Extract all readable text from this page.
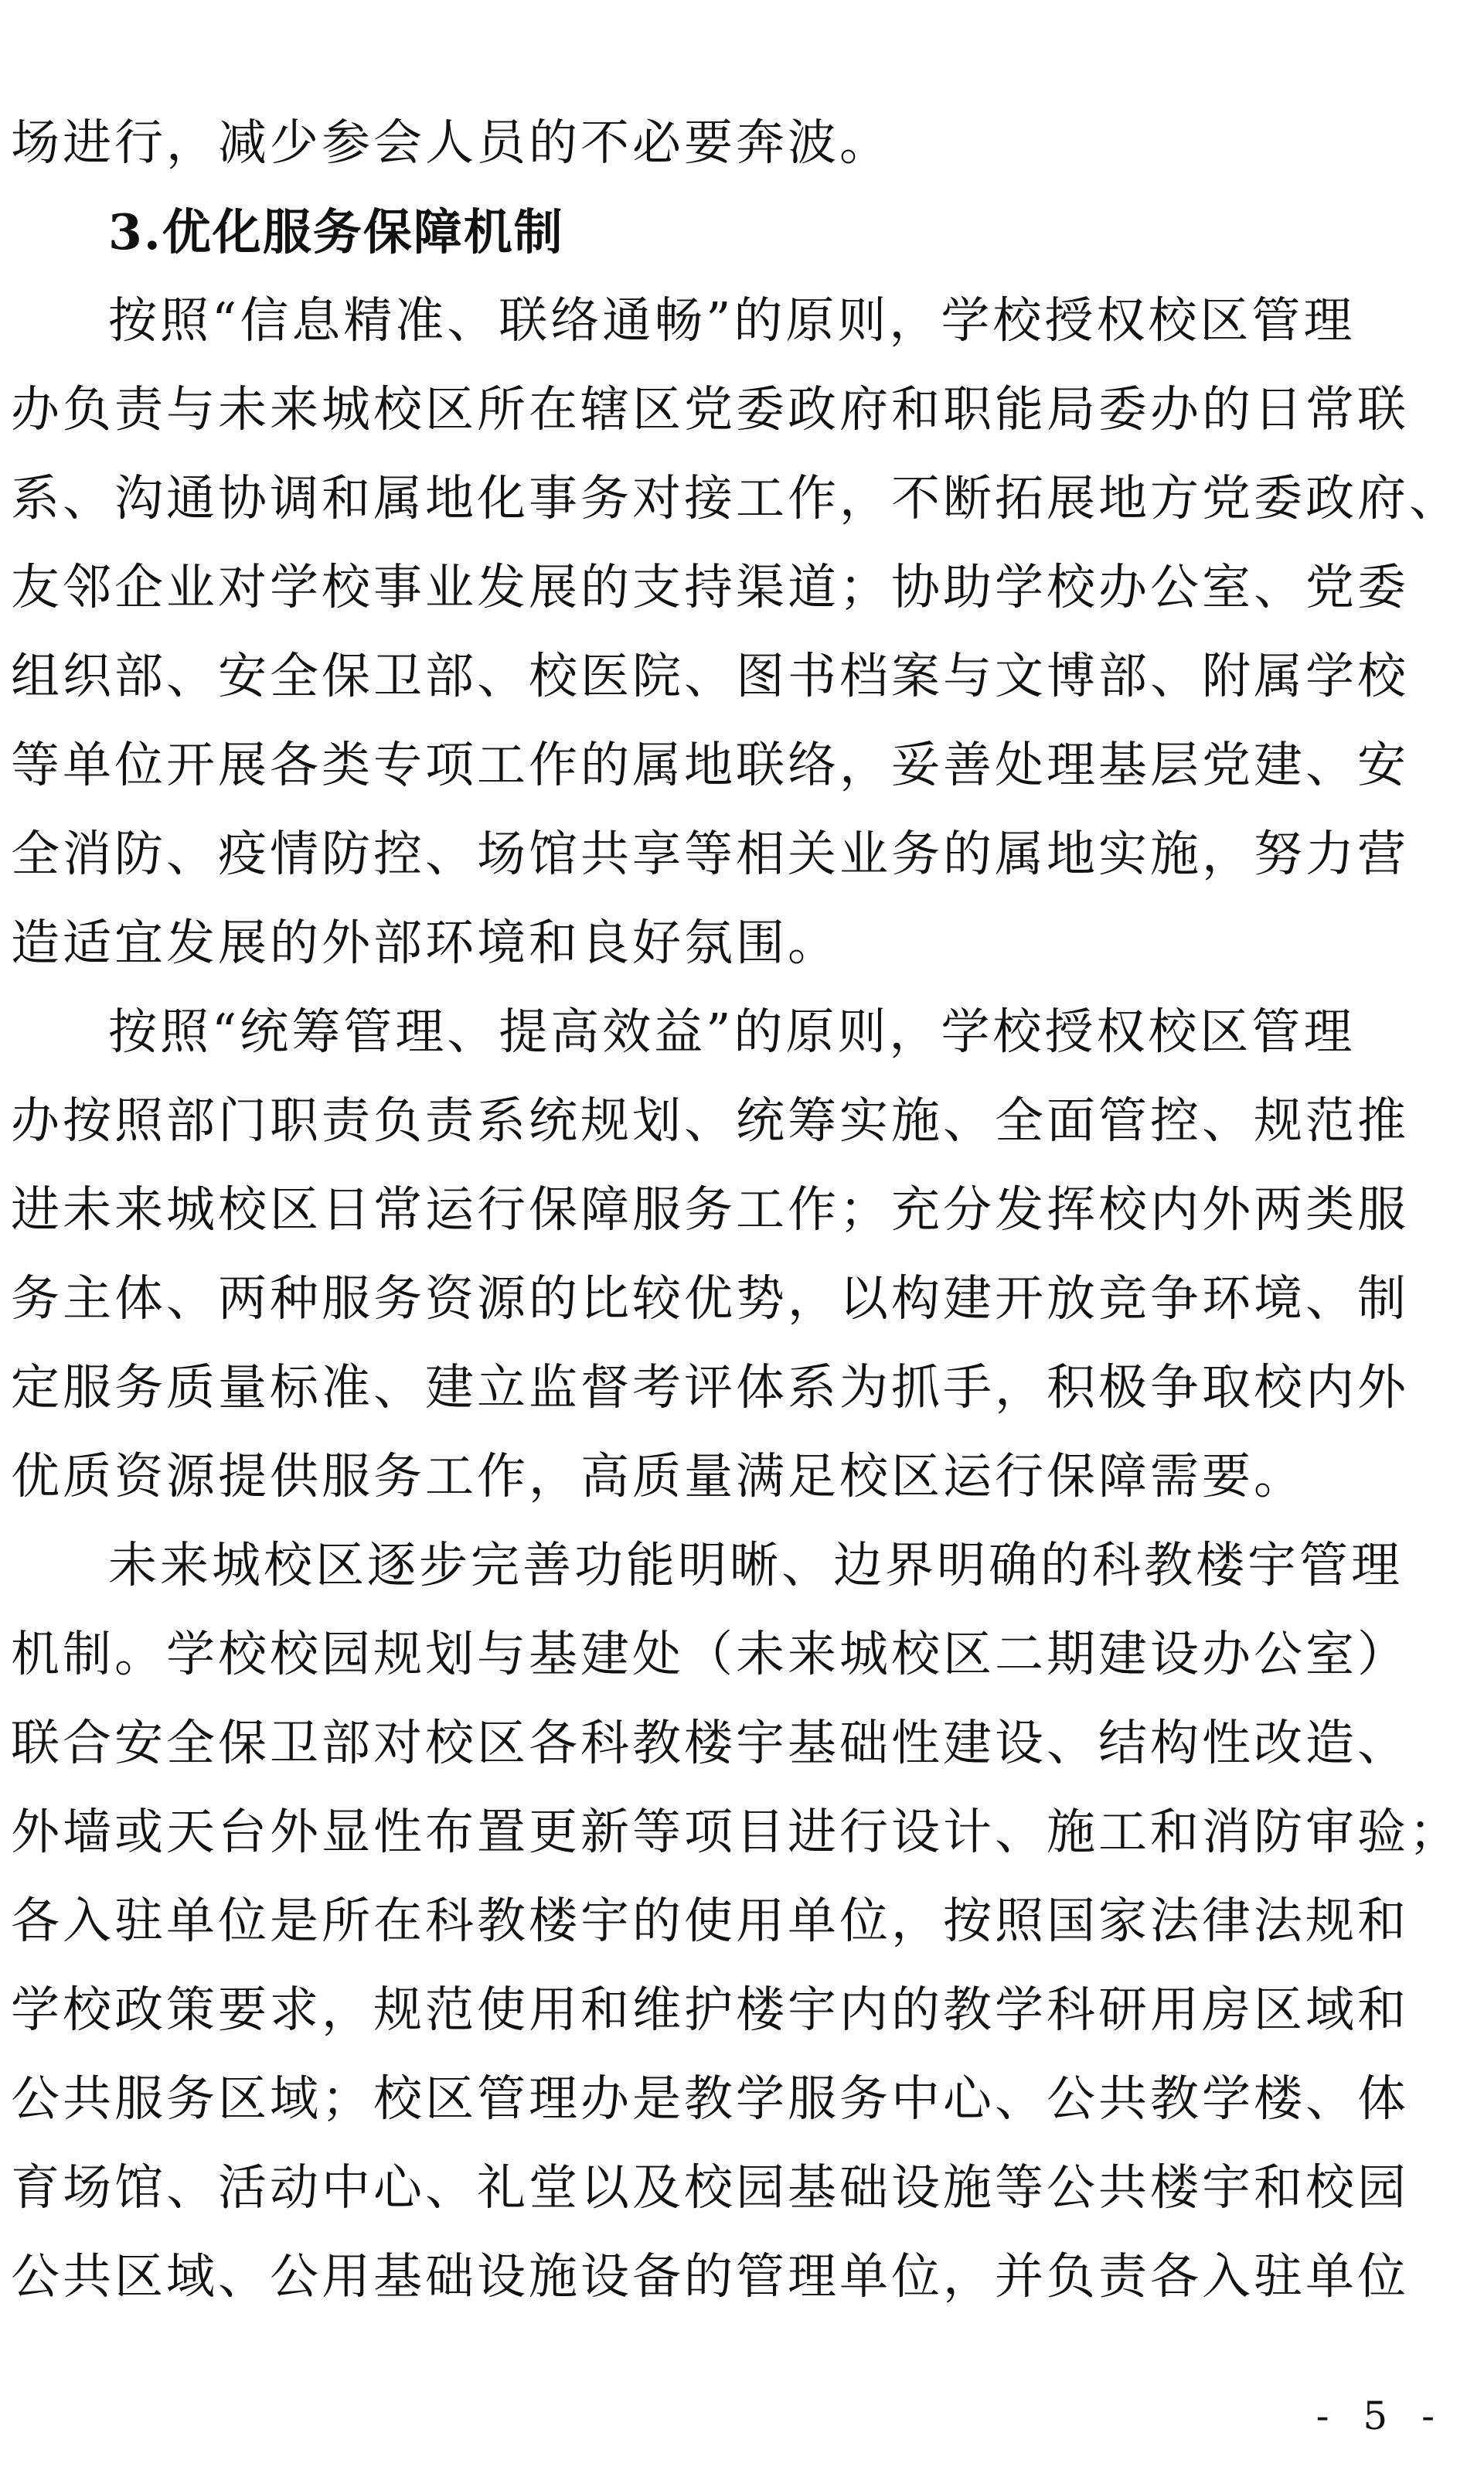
场进行，减少参会人员的不必要奔波。
3.优化服务保障机制
按照“信息精准、联络通畅”的原则，学校授权校区管理
办负责与未来城校区所在辖区党委政府和职能局委办的日常联
系、沟通协调和属地化事务对接工作，不断拓展地方党委政府、
友邻企业对学校事业发展的支持渠道；协助学校办公室、党委
组织部、安全保卫部、校医院、图书档案与文博部、附属学校
等单位开展各类专项工作的属地联络，妥善处理基层党建、安
全消防、疫情防控、场馆共享等相关业务的属地实施，努力营
造适宜发展的外部环境和良好氛围。
按照“统筹管理、提高效益”的原则，学校授权校区管理
办按照部门职责负责系统规划、统筹实施、全面管控、规范推
进未来城校区日常运行保障服务工作；充分发挥校内外两类服
务主体、两种服务资源的比较优势，以构建开放竞争环境、制
定服务质量标准、建立监督考评体系为抓手，积极争取校内外
优质资源提供服务工作，高质量满足校区运行保障需要。
未来城校区逐步完善功能明晰、边界明确的科教楼宇管理
机制。学校校园规划与基建处（未来城校区二期建设办公室）
联合安全保卫部对校区各科教楼宇基础性建设、结构性改造、
外墙或天台外显性布置更新等项目进行设计、施工和消防审验；
各入驻单位是所在科教楼宇的使用单位，按照国家法律法规和
学校政策要求，规范使用和维护楼宇内的教学科研用房区域和
公共服务区域；校区管理办是教学服务中心、公共教学楼、体
育场馆、活动中心、礼堂以及校园基础设施等公共楼宇和校园
公共区域、公用基础设施设备的管理单位，并负责各入驻单位
- 5 -
